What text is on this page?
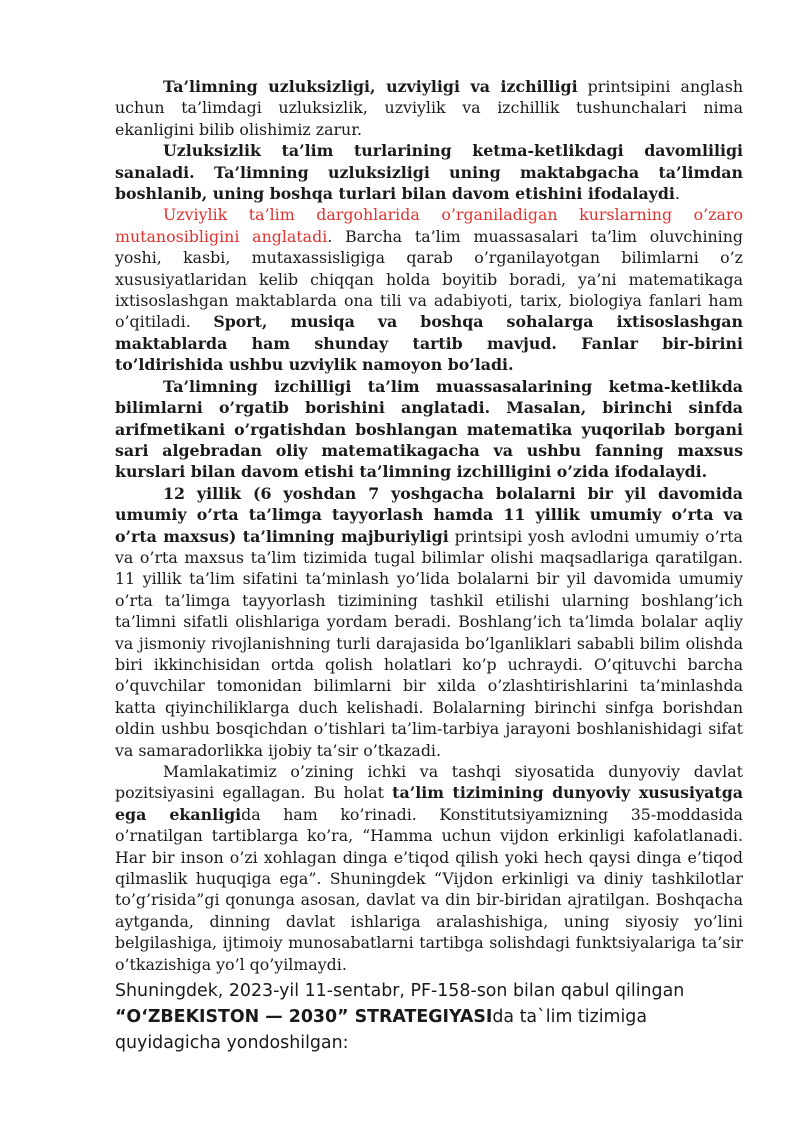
Ta’limning uzluksizligi, uzviyligi va izchilligi printsipini anglash uchun ta’limdagi uzluksizlik, uzviylik va izchillik tushunchalari nima ekanligini bilib olishimiz zarur.

Uzluksizlik ta’lim turlarining ketma-ketlikdagi davomliligi sanaladi. Ta’limning uzluksizligi uning maktabgacha ta’limdan boshlanib, uning boshqa turlari bilan davom etishini ifodalaydi.

Uzviylik ta’lim dargohlarida o’rganiladigan kurslarning o’zaro mutanosibligini anglatadi. Barcha ta’lim muassasalari ta’lim oluvchining yoshi, kasbi, mutaxassisligiga qarab o’rganilayotgan bilimlarni o’z xususiyatlaridan kelib chiqqan holda boyitib boradi, ya’ni matematikaga ixtisoslashgan maktablarda ona tili va adabiyoti, tarix, biologiya fanlari ham o’qitiladi. Sport, musiqa va boshqa sohalarga ixtisoslashgan maktablarda ham shunday tartib mavjud. Fanlar bir-birini to’ldirishida ushbu uzviylik namoyon bo’ladi.

Ta’limning izchilligi ta’lim muassasalarining ketma-ketlikda bilimlarni o’rgatib borishini anglatadi. Masalan, birinchi sinfda arifmetikani o’rgatishdan boshlangan matematika yuqorilab borgani sari algebradan oliy matematikagacha va ushbu fanning maxsus kurslari bilan davom etishi ta’limning izchilligini o’zida ifodalaydi.

12 yillik (6 yoshdan 7 yoshgacha bolalarni bir yil davomida umumiy o’rta ta’limga tayyorlash hamda 11 yillik umumiy o’rta va o’rta maxsus) ta’limning majburiyligi printsipi yosh avlodni umumiy o’rta va o’rta maxsus ta’lim tizimida tugal bilimlar olishi maqsadlariga qaratilgan. 11 yillik ta’lim sifatini ta’minlash yo’lida bolalarni bir yil davomida umumiy o’rta ta’limga tayyorlash tizimining tashkil etilishi ularning boshlang’ich ta’limni sifatli olishlariga yordam beradi. Boshlang’ich ta’limda bolalar aqliy va jismoniy rivojlanishning turli darajasida bo’lganliklari sababli bilim olishda biri ikkinchisidan ortda qolish holatlari ko’p uchraydi. O’qituvchi barcha o’quvchilar tomonidan bilimlarni bir xilda o’zlashtirishlarini ta’minlashda katta qiyinchiliklarga duch kelishadi. Bolalarning birinchi sinfga borishdan oldin ushbu bosqichdan o’tishlari ta’lim-tarbiya jarayoni boshlanishidagi sifat va samaradorlikka ijobiy ta’sir o’tkazadi.

Mamlakatimiz o’zining ichki va tashqi siyosatida dunyoviy davlat pozitsiyasini egallagan. Bu holat ta’lim tizimining dunyoviy xususiyatga ega ekanligida ham ko’rinadi. Konstitutsiyamizning 35-moddasida o’rnatilgan tartiblarga ko’ra, “Hamma uchun vijdon erkinligi kafolatlanadi. Har bir inson o’zi xohlagan dinga e’tiqod qilish yoki hech qaysi dinga e’tiqod qilmaslik huquqiga ega”. Shuningdek “Vijdon erkinligi va diniy tashkilotlar to’g’risida”gi qonunga asosan, davlat va din bir-biridan ajratilgan. Boshqacha aytganda, dinning davlat ishlariga aralashishiga, uning siyosiy yo’lini belgilashiga, ijtimoiy munosabatlarni tartibga solishdagi funktsiyalariga ta’sir o’tkazishiga yo’l qo’yilmaydi.

Shuningdek, 2023-yil 11-sentabr, PF-158-son bilan qabul qilingan “O‘ZBEKISTON — 2030” STRATEGIYASIda ta`lim tizimiga quyidagicha yondoshilgan:
